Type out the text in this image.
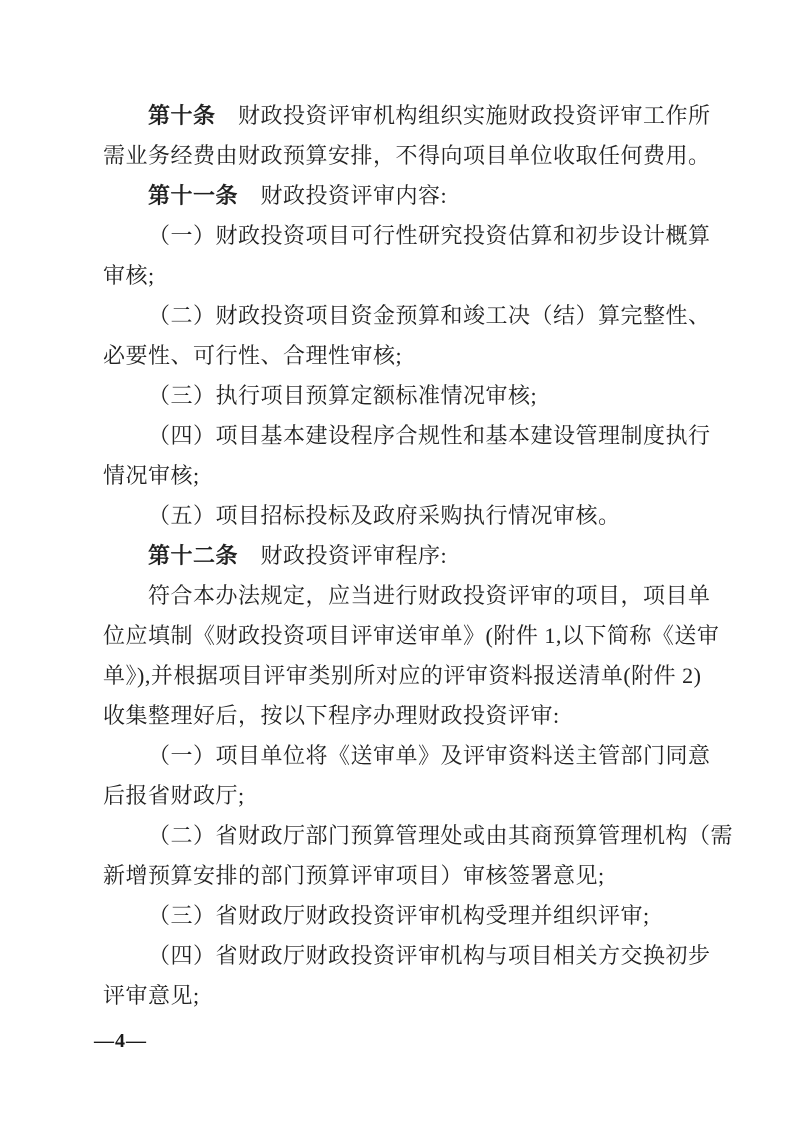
第十条　 财政投资评审机构组织实施财政投资评审工作所
需业务经费由财政预算安排，不得向项目单位收取任何费用。
第十一条　 财政投资评审内容:
（一）财政投资项目可行性研究投资估算和初步设计概算
审核;
（二）财政投资项目资金预算和竣工决（结）算完整性、
必要性、可行性、合理性审核;
（三）执行项目预算定额标准情况审核;
（四）项目基本建设程序合规性和基本建设管理制度执行
情况审核;
（五）项目招标投标及政府采购执行情况审核。
第十二条　 财政投资评审程序:
符合本办法规定，应当进行财政投资评审的项目，项目单
位应填制《财政投资项目评审送审单》(附件 1,以下简称《送审
单》),并根据项目评审类别所对应的评审资料报送清单(附件 2)
收集整理好后，按以下程序办理财政投资评审:
（一）项目单位将《送审单》及评审资料送主管部门同意
后报省财政厅;
（二）省财政厅部门预算管理处或由其商预算管理机构（需
新增预算安排的部门预算评审项目）审核签署意见;
（三）省财政厅财政投资评审机构受理并组织评审;
（四）省财政厅财政投资评审机构与项目相关方交换初步
评审意见;
—4—
